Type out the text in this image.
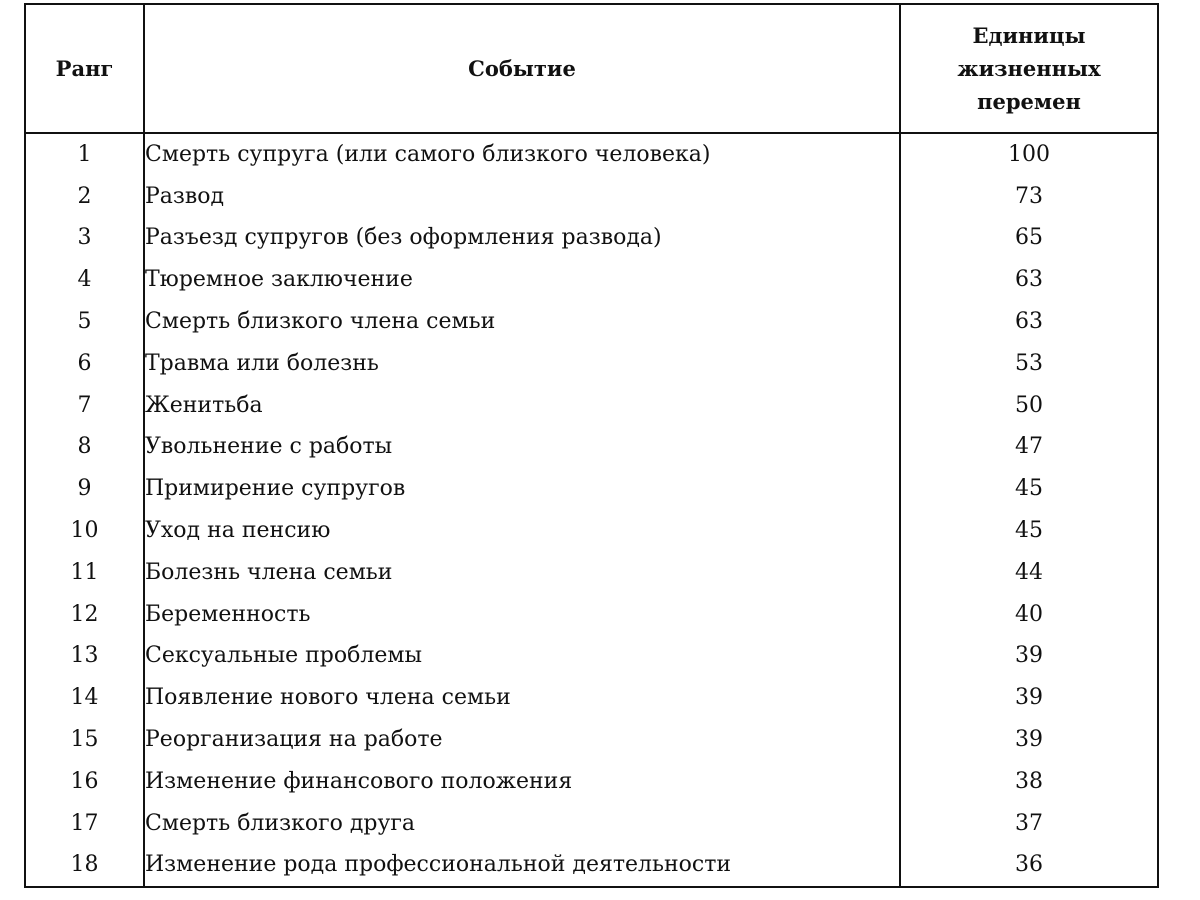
Ранг	Событие	Единицы
жизненных
перемен

1	Смерть супруга (или самого близкого человека)	100
2	Развод	73
3	Разъезд супругов (без оформления развода)	65
4	Тюремное заключение	63
5	Смерть близкого члена семьи	63
6	Травма или болезнь	53
7	Женитьба	50
8	Увольнение с работы	47
9	Примирение супругов	45
10	Уход на пенсию	45
11	Болезнь члена семьи	44
12	Беременность	40
13	Сексуальные проблемы	39
14	Появление нового члена семьи	39
15	Реорганизация на работе	39
16	Изменение финансового положения	38
17	Смерть близкого друга	37
18	Изменение рода профессиональной деятельности	36
